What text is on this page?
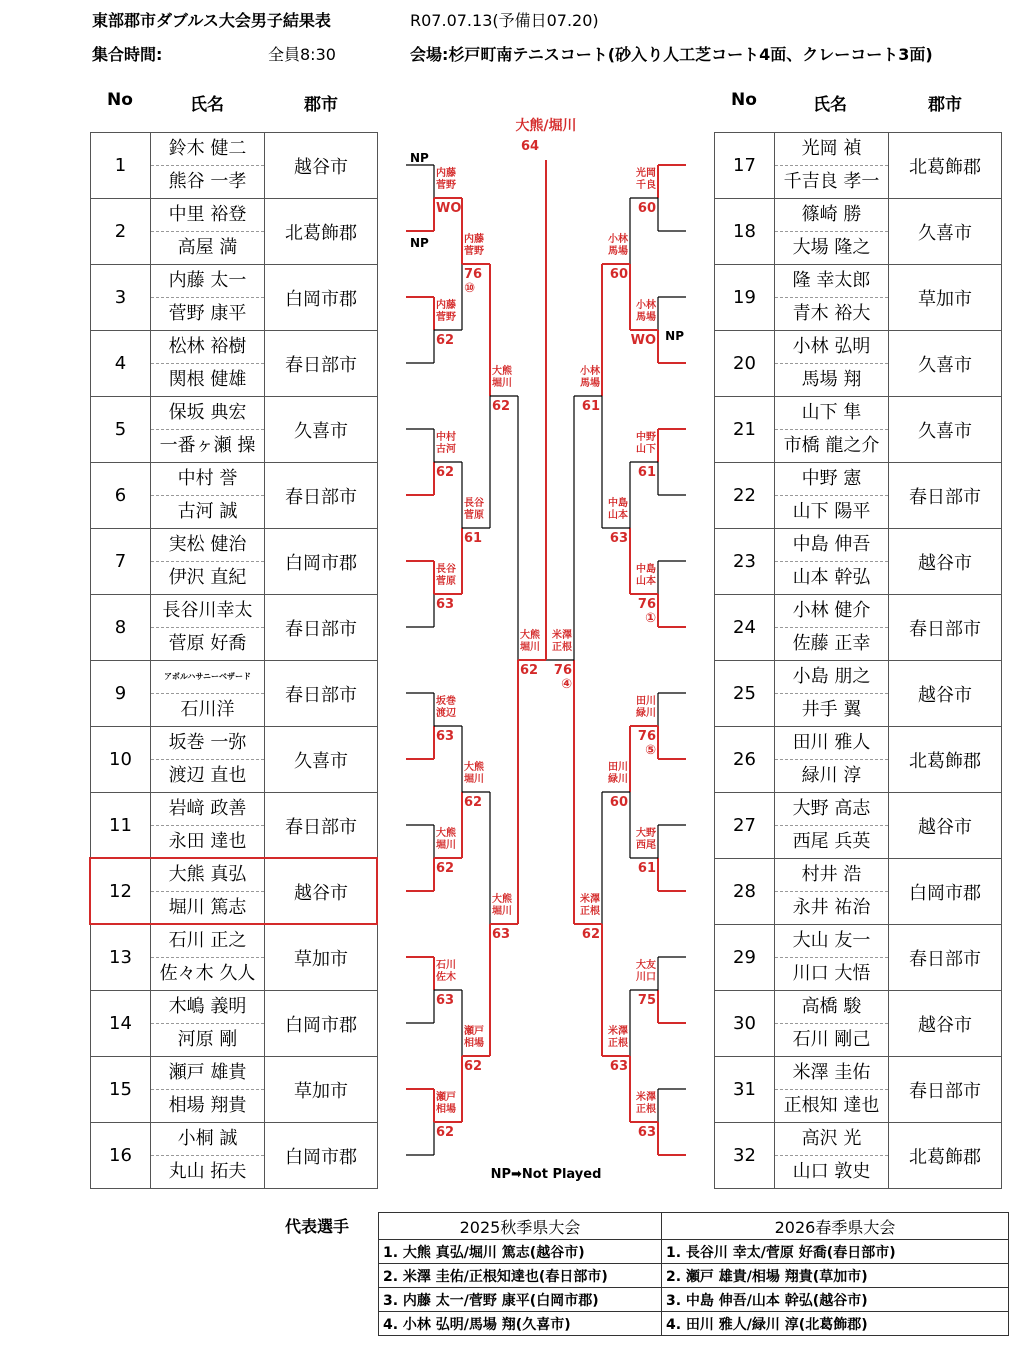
東部郡市ダブルス大会男子結果表	R07.07.13(予備日07.20)
集合時間:	全員8:30	会場:杉戸町南テニスコート(砂入り人工芝コート4面、クレーコート3面)
No	氏名	郡市	No	氏名	郡市
1	鈴木 健二
熊谷 一孝	越谷市
2	中里 裕登
高屋 満	北葛飾郡
3	内藤 太一
菅野 康平	白岡市郡
4	松林 裕樹
関根 健雄	春日部市
5	保坂 典宏
一番ヶ瀬 操	久喜市
6	中村 誉
古河 誠	春日部市
7	実松 健治
伊沢 直紀	白岡市郡
8	長谷川幸太
菅原 好喬	春日部市
9	アボルハサニーベザード
石川洋	春日部市
10	坂巻 一弥
渡辺 直也	久喜市
11	岩﨑 政善
永田 達也	春日部市
12	大熊 真弘
堀川 篤志	越谷市
13	石川 正之
佐々木 久人	草加市
14	木嶋 義明
河原 剛	白岡市郡
15	瀬戸 雄貴
相場 翔貴	草加市
16	小桐 誠
丸山 拓夫	白岡市郡
17	光岡 禎
千吉良 孝一	北葛飾郡
18	篠崎 勝
大場 隆之	久喜市
19	隆 幸太郎
青木 裕大	草加市
20	小林 弘明
馬場 翔	久喜市
21	山下 隼
市橋 龍之介	久喜市
22	中野 憲
山下 陽平	春日部市
23	中島 伸吾
山本 幹弘	越谷市
24	小林 健介
佐藤 正幸	春日部市
25	小島 朋之
井手 翼	越谷市
26	田川 雅人
緑川 淳	北葛飾郡
27	大野 高志
西尾 兵英	越谷市
28	村井 浩
永井 祐治	白岡市郡
29	大山 友一
川口 大悟	春日部市
30	高橋 駿
石川 剛己	越谷市
31	米澤 圭佑
正根知 達也	春日部市
32	高沢 光
山口 敦史	北葛飾郡
NP
NP
内藤
菅野
WO
内藤
菅野
62
中村
古河
62
長谷
菅原
63
坂巻
渡辺
63
大熊
堀川
62
石川
佐木
63
瀬戸
相場
62
内藤
菅野
76
⑩
長谷
菅原
61
大熊
堀川
62
瀬戸
相場
62
大熊
堀川
62
大熊
堀川
63
大熊
堀川
62
NP
光岡
千良
60
小林
馬場
WO
中野
山下
61
中島
山本
76
①
田川
緑川
76
⑤
大野
西尾
61
大友
川口
75
米澤
正根
63
小林
馬場
60
中島
山本
63
田川
緑川
60
米澤
正根
63
小林
馬場
61
米澤
正根
62
米澤
正根
76
④
大熊/堀川
64
NP➡Not Played
代表選手	2025秋季県大会	2026春季県大会
1. 大熊 真弘/堀川 篤志(越谷市)	1. 長谷川 幸太/菅原 好喬(春日部市)
2. 米澤 圭佑/正根知達也(春日部市)	2. 瀬戸 雄貴/相場 翔貴(草加市)
3. 内藤 太一/菅野 康平(白岡市郡)	3. 中島 伸吾/山本 幹弘(越谷市)
4. 小林 弘明/馬場 翔(久喜市)	4. 田川 雅人/緑川 淳(北葛飾郡)
